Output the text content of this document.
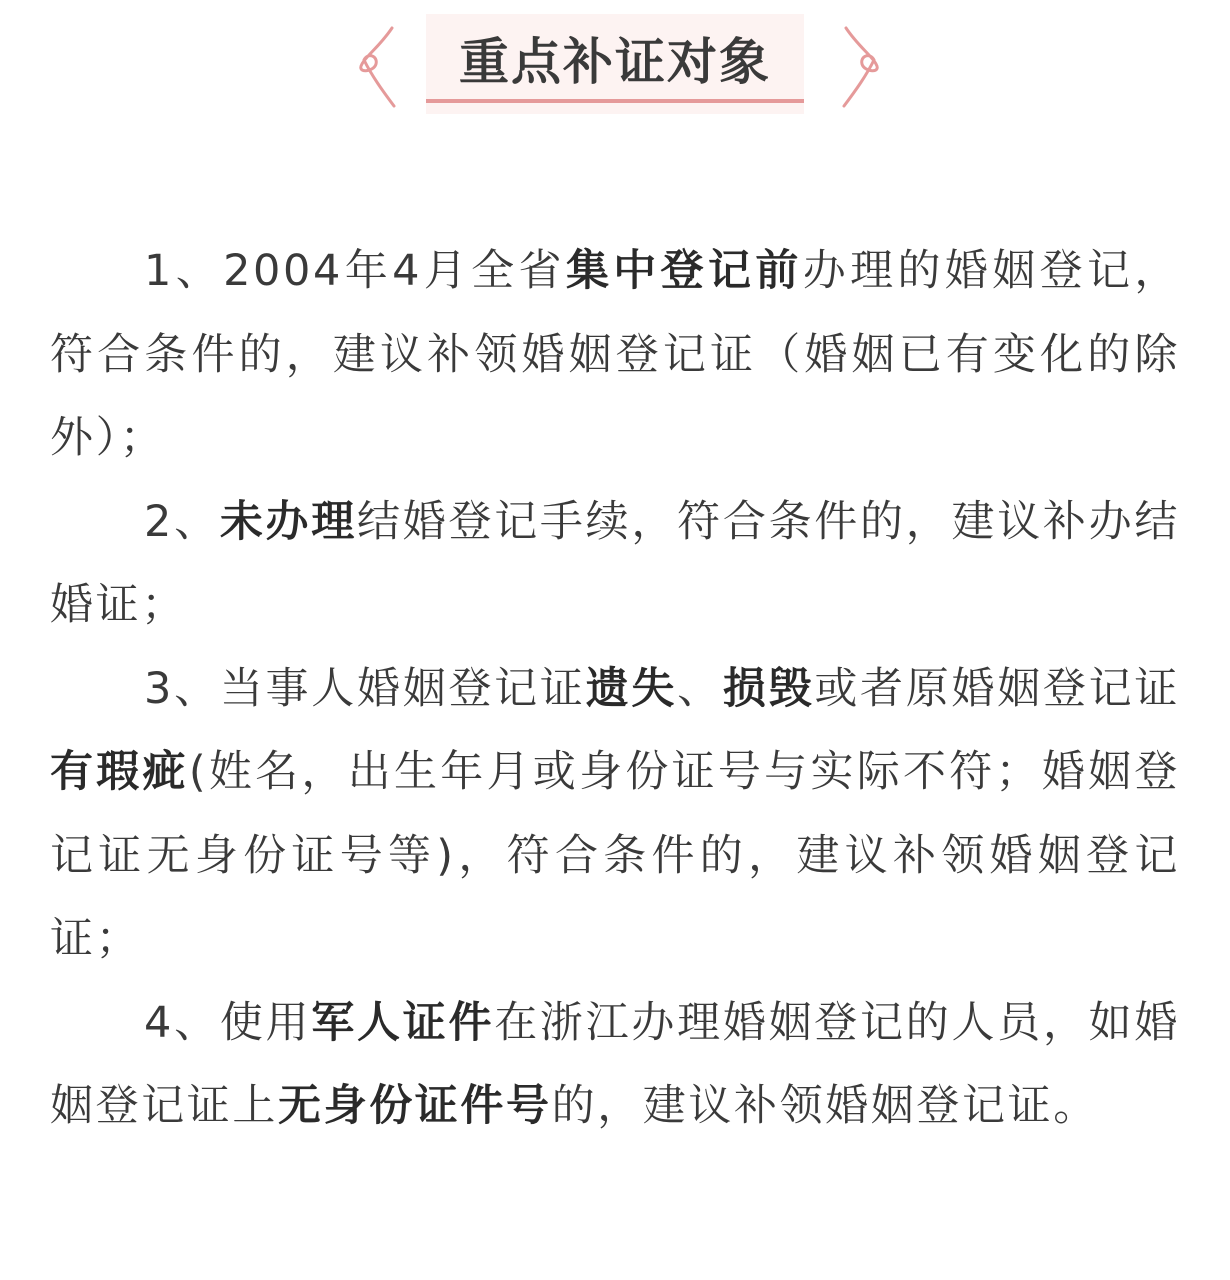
重点补证对象

1、2004年4月全省集中登记前办理的婚姻登记，符合条件的，建议补领婚姻登记证（婚姻已有变化的除外）；

2、未办理结婚登记手续，符合条件的，建议补办结婚证；

3、当事人婚姻登记证遗失、损毁或者原婚姻登记证有瑕疵(姓名，出生年月或身份证号与实际不符；婚姻登记证无身份证号等)，符合条件的，建议补领婚姻登记证；

4、使用军人证件在浙江办理婚姻登记的人员，如婚姻登记证上无身份证件号的，建议补领婚姻登记证。
